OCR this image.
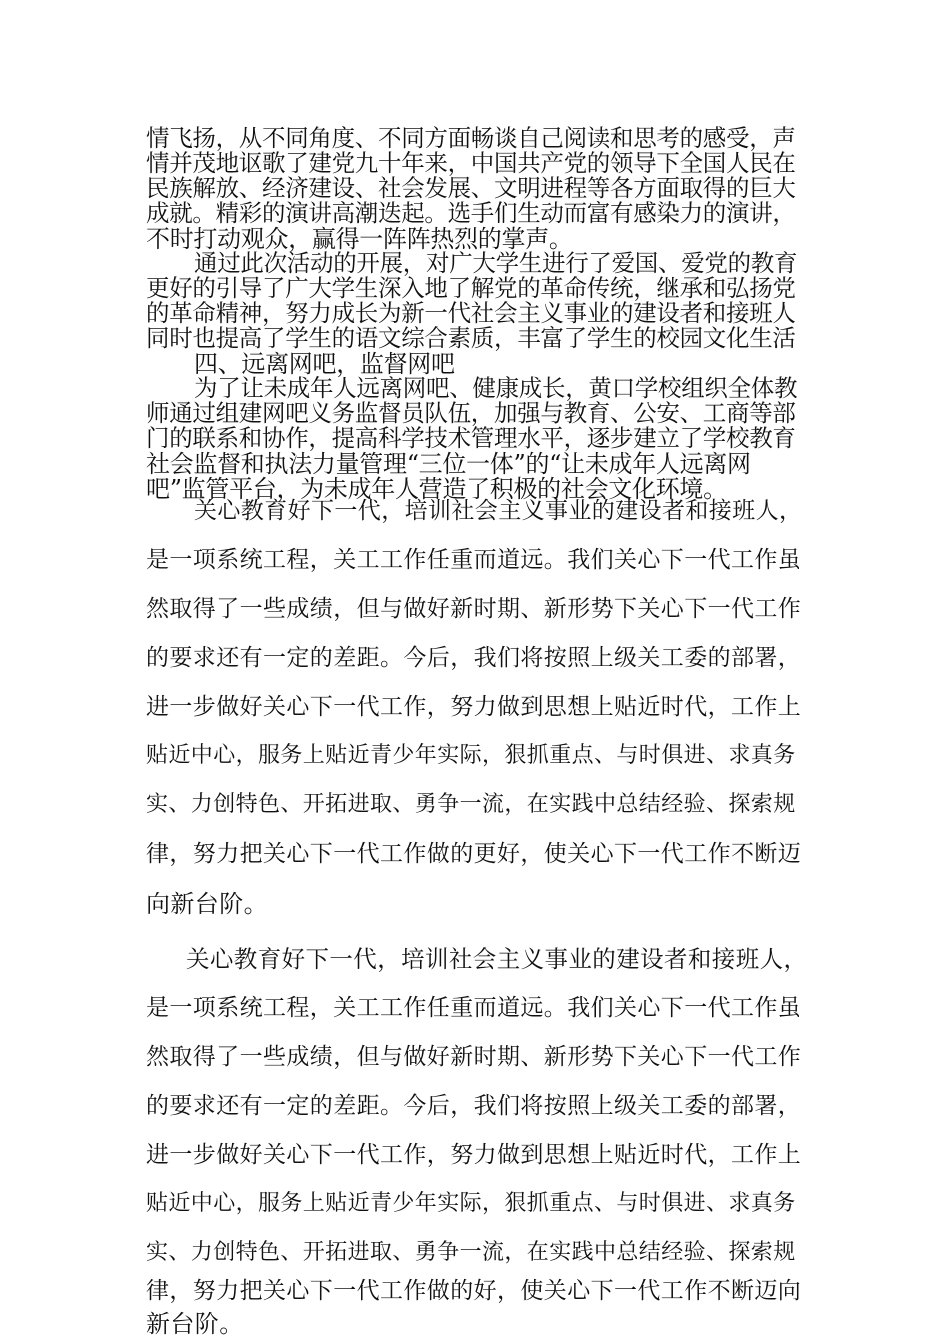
情飞扬，从不同角度、不同方面畅谈自己阅读和思考的感受，声
情并茂地讴歌了建党九十年来，中国共产党的领导下全国人民在
民族解放、经济建设、社会发展、文明进程等各方面取得的巨大
成就。精彩的演讲高潮迭起。选手们生动而富有感染力的演讲，
不时打动观众，赢得一阵阵热烈的掌声。
通过此次活动的开展，对广大学生进行了爱国、爱党的教育
更好的引导了广大学生深入地了解党的革命传统，继承和弘扬党
的革命精神，努力成长为新一代社会主义事业的建设者和接班人
同时也提高了学生的语文综合素质，丰富了学生的校园文化生活
四、远离网吧，监督网吧
为了让未成年人远离网吧、健康成长，黄口学校组织全体教
师通过组建网吧义务监督员队伍，加强与教育、公安、工商等部
门的联系和协作，提高科学技术管理水平，逐步建立了学校教育
社会监督和执法力量管理“三位一体”的“让未成年人远离网
吧”监管平台，为未成年人营造了积极的社会文化环境。
关心教育好下一代，培训社会主义事业的建设者和接班人，
是一项系统工程，关工工作任重而道远。我们关心下一代工作虽
然取得了一些成绩，但与做好新时期、新形势下关心下一代工作
的要求还有一定的差距。今后，我们将按照上级关工委的部署，
进一步做好关心下一代工作，努力做到思想上贴近时代，工作上
贴近中心，服务上贴近青少年实际，狠抓重点、与时俱进、求真务
实、力创特色、开拓进取、勇争一流，在实践中总结经验、探索规
律，努力把关心下一代工作做的更好，使关心下一代工作不断迈
向新台阶。
关心教育好下一代，培训社会主义事业的建设者和接班人，
是一项系统工程，关工工作任重而道远。我们关心下一代工作虽
然取得了一些成绩，但与做好新时期、新形势下关心下一代工作
的要求还有一定的差距。今后，我们将按照上级关工委的部署，
进一步做好关心下一代工作，努力做到思想上贴近时代，工作上
贴近中心，服务上贴近青少年实际，狠抓重点、与时俱进、求真务
实、力创特色、开拓进取、勇争一流，在实践中总结经验、探索规
律，努力把关心下一代工作做的好，使关心下一代工作不断迈向
新台阶。
